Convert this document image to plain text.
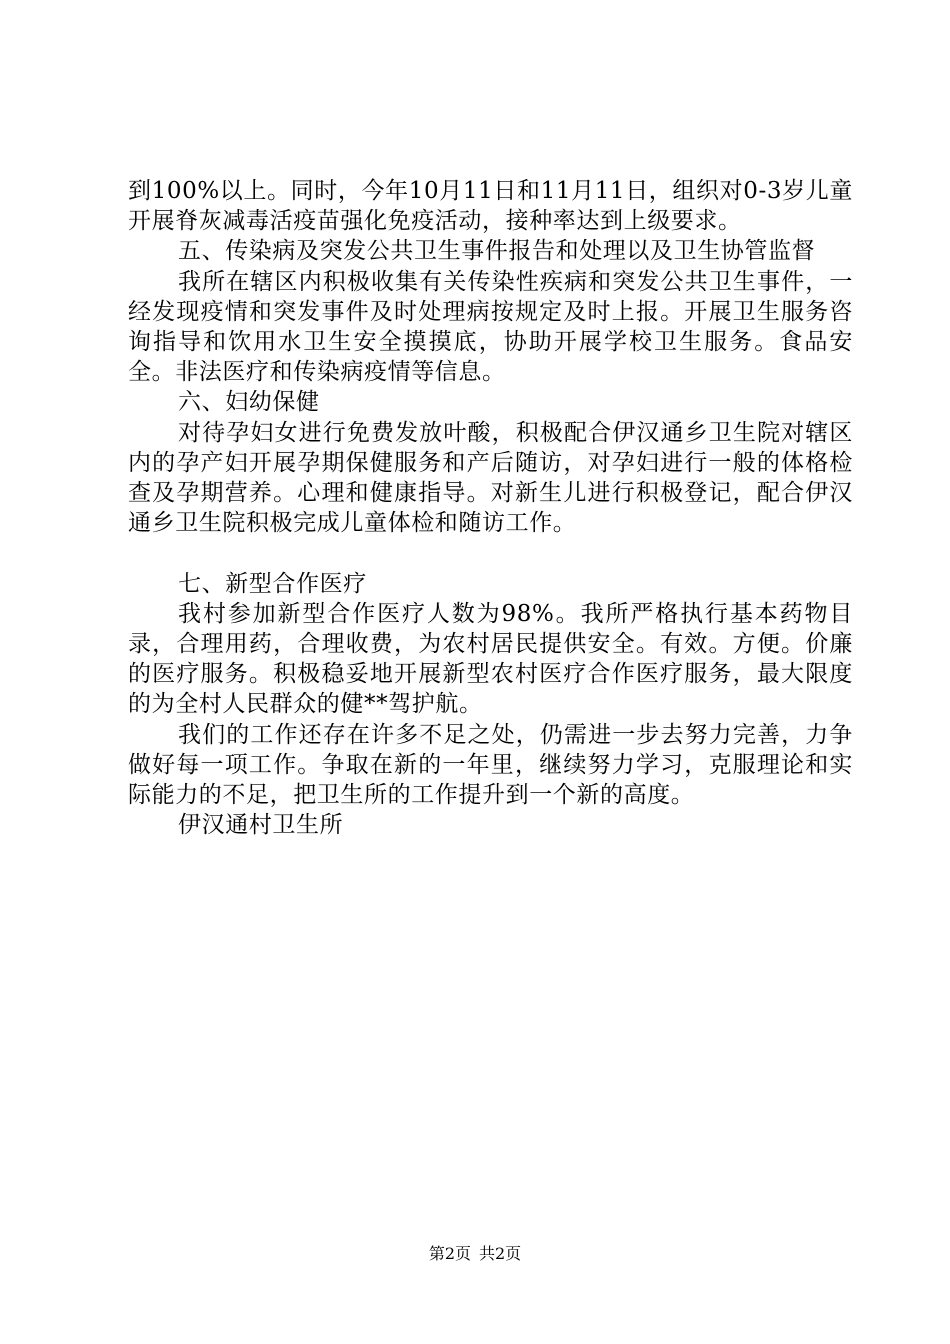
到100%以上。同时，今年10月11日和11月11日，组织对0-3岁儿童开展脊灰减毒活疫苗强化免疫活动，接种率达到上级要求。

五、传染病及突发公共卫生事件报告和处理以及卫生协管监督

我所在辖区内积极收集有关传染性疾病和突发公共卫生事件，一经发现疫情和突发事件及时处理病按规定及时上报。开展卫生服务咨询指导和饮用水卫生安全摸摸底，协助开展学校卫生服务。食品安全。非法医疗和传染病疫情等信息。

六、妇幼保健

对待孕妇女进行免费发放叶酸，积极配合伊汉通乡卫生院对辖区内的孕产妇开展孕期保健服务和产后随访，对孕妇进行一般的体格检查及孕期营养。心理和健康指导。对新生儿进行积极登记，配合伊汉通乡卫生院积极完成儿童体检和随访工作。

七、新型合作医疗

我村参加新型合作医疗人数为98%。我所严格执行基本药物目录，合理用药，合理收费，为农村居民提供安全。有效。方便。价廉的医疗服务。积极稳妥地开展新型农村医疗合作医疗服务，最大限度的为全村人民群众的健**驾护航。

我们的工作还存在许多不足之处，仍需进一步去努力完善，力争做好每一项工作。争取在新的一年里，继续努力学习，克服理论和实际能力的不足，把卫生所的工作提升到一个新的高度。

伊汉通村卫生所

第2页 共2页
